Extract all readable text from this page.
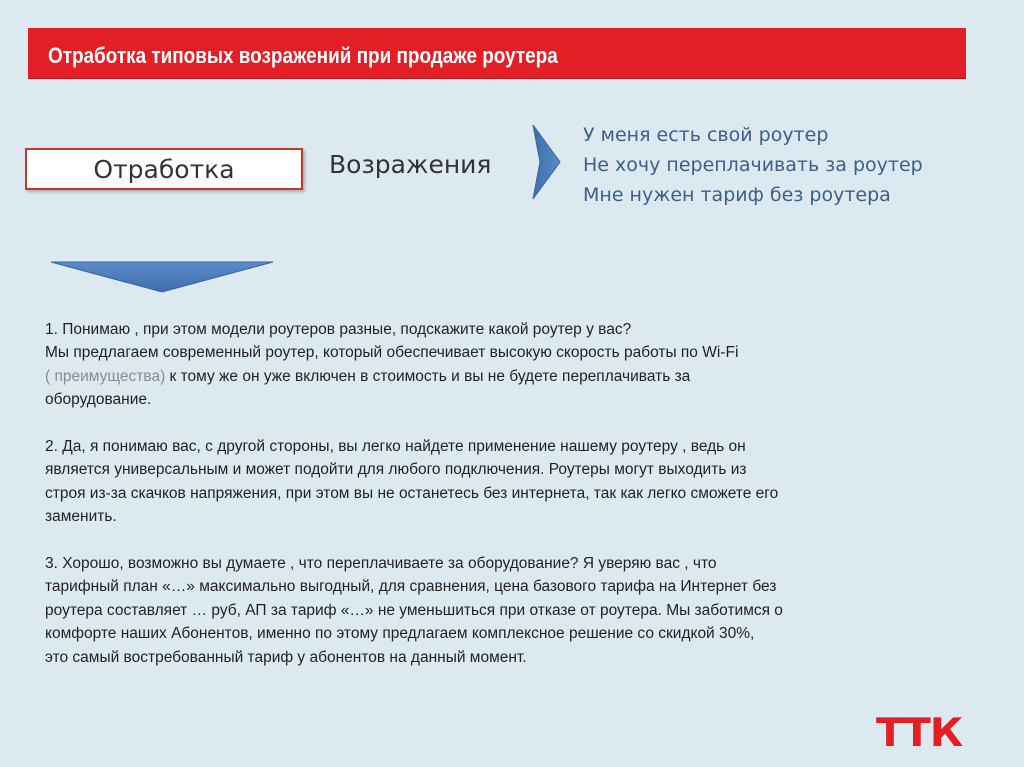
Отработка типовых возражений при продаже роутера
Отработка	Возражения
У меня есть свой роутер
Не хочу переплачивать за роутер
Мне нужен тариф без роутера
1. Понимаю , при этом модели роутеров разные, подскажите какой роутер у вас?
Мы предлагаем современный роутер, который обеспечивает высокую скорость работы по Wi-Fi
( преимущества) к тому же он уже включен в стоимость и вы не будете переплачивать за
оборудование.
2. Да, я понимаю вас, с другой стороны, вы легко найдете применение нашему роутеру , ведь он
является универсальным и может подойти для любого подключения. Роутеры могут выходить из
строя из-за скачков напряжения, при этом вы не останетесь без интернета, так как легко сможете его
заменить.
3. Хорошо, возможно вы думаете , что переплачиваете за оборудование? Я уверяю вас , что
тарифный план «…» максимально выгодный, для сравнения, цена базового тарифа на Интернет без
роутера составляет … руб, АП за тариф «…» не уменьшиться при отказе от роутера. Мы заботимся о
комфорте наших Абонентов, именно по этому предлагаем комплексное решение со скидкой 30%,
это самый востребованный тариф у абонентов на данный момент.
ТТК
